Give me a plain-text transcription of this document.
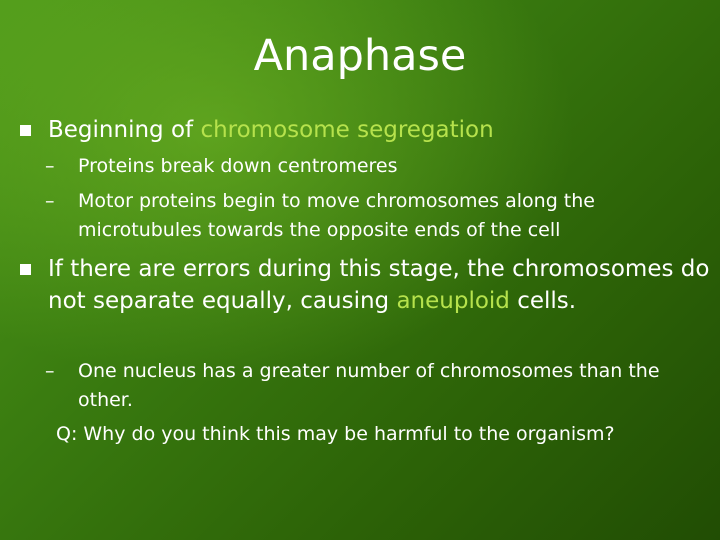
Anaphase
Beginning of chromosome segregation
– Proteins break down centromeres
– Motor proteins begin to move chromosomes along the microtubules towards the opposite ends of the cell
If there are errors during this stage, the chromosomes do not separate equally, causing aneuploid cells.
– One nucleus has a greater number of chromosomes than the other.
Q: Why do you think this may be harmful to the organism?
